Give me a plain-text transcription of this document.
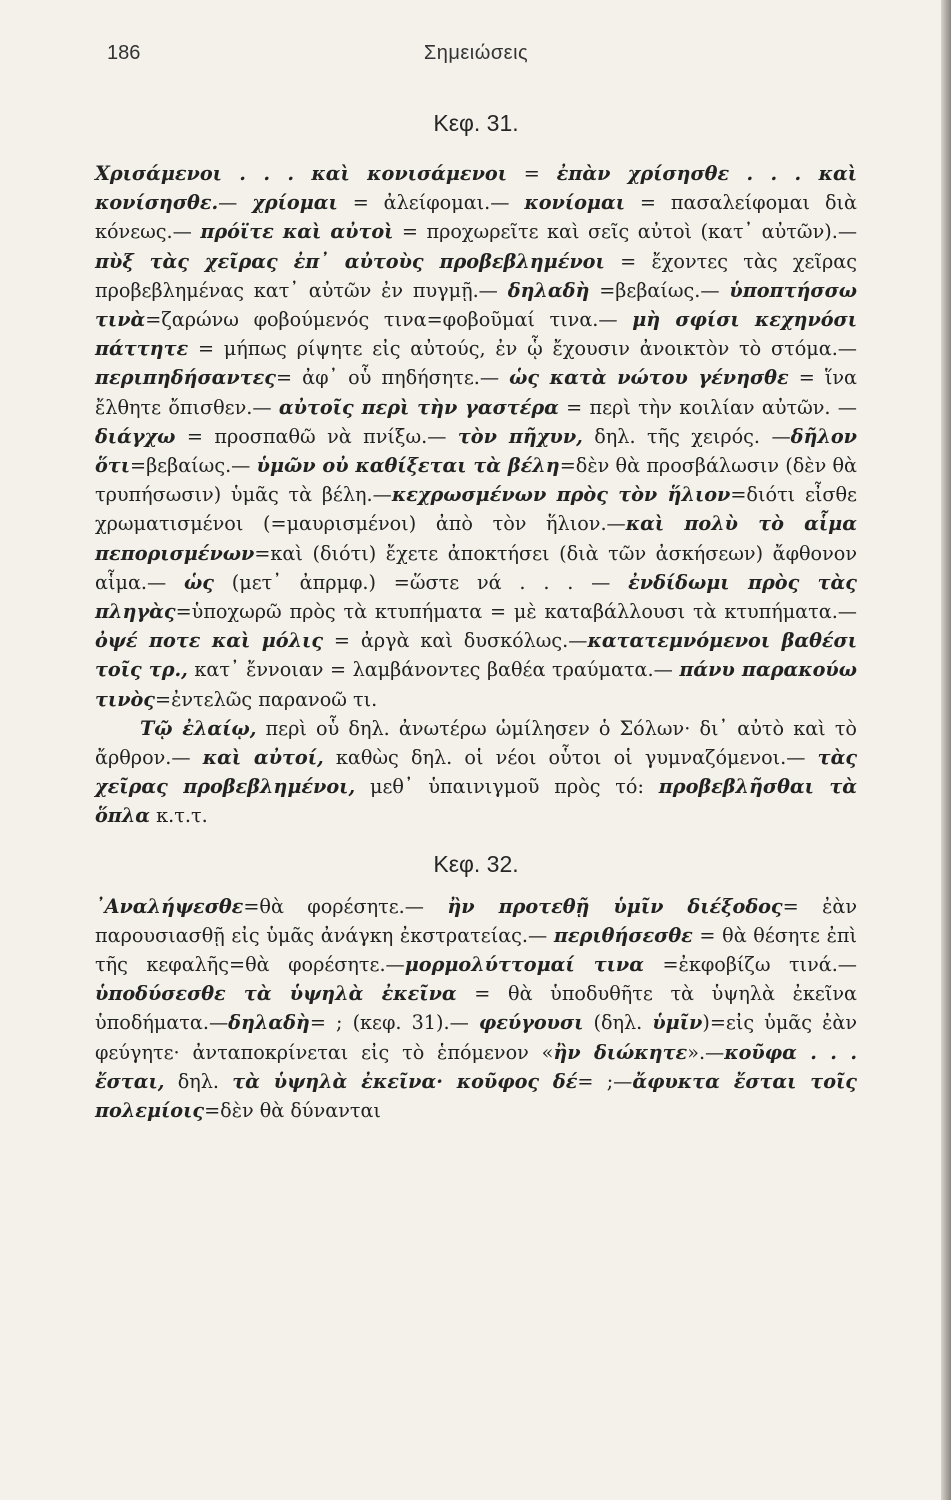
186	Σημειώσεις
Κεφ. 31.

Χρισάμενοι . . . καὶ κονισάμενοι = ἐπὰν χρίσησθε . . . καὶ κονίσησθε.— χρίομαι = ἀλείφομαι.— κονίομαι = πασαλείφομαι διὰ κόνεως.— πρόϊτε καὶ αὐτοὶ = προχωρεῖτε καὶ σεῖς αὐτοὶ (κατ᾽ αὐτῶν).— πὺξ τὰς χεῖρας ἐπ᾽ αὐτοὺς προβεβλημένοι = ἔχοντες τὰς χεῖρας προβεβλημένας κατ᾽ αὐτῶν ἐν πυγμῇ.— δηλαδὴ =βεβαίως.— ὑποπτήσσω τινὰ=ζαρώνω φοβούμενός τινα=φοβοῦμαί τινα.— μὴ σφίσι κεχηνόσι πάττητε = μήπως ρίψητε εἰς αὐτούς, ἐν ᾧ ἔχουσιν ἀνοικτὸν τὸ στόμα.— περιπηδήσαντες= ἀφ᾽ οὗ πηδήσητε.— ὡς κατὰ νώτου γένησθε = ἵνα ἔλθητε ὄπισθεν.— αὐτοῖς περὶ τὴν γαστέρα = περὶ τὴν κοιλίαν αὐτῶν. — διάγχω = προσπαθῶ νὰ πνίξω.— τὸν πῆχυν, δηλ. τῆς χειρός. —δῆλον ὅτι=βεβαίως.— ὑμῶν οὐ καθίξεται τὰ βέλη=δὲν θὰ προσβάλωσιν (δὲν θὰ τρυπήσωσιν) ὑμᾶς τὰ βέλη.—κεχρωσμένων πρὸς τὸν ἥλιον=διότι εἶσθε χρωματισμένοι (=μαυρισμένοι) ἀπὸ τὸν ἥλιον.—καὶ πολὺ τὸ αἷμα πεπορισμένων=καὶ (διότι) ἔχετε ἀποκτήσει (διὰ τῶν ἀσκήσεων) ἄφθονον αἷμα.— ὡς (μετ᾽ ἀπρμφ.) =ὥστε νά . . . — ἐνδίδωμι πρὸς τὰς πληγὰς=ὑποχωρῶ πρὸς τὰ κτυπήματα = μὲ καταβάλλουσι τὰ κτυπήματα.— ὀψέ ποτε καὶ μόλις = ἀργὰ καὶ δυσκόλως.—κατατεμνόμενοι βαθέσι τοῖς τρ., κατ᾽ ἔννοιαν = λαμβάνοντες βαθέα τραύματα.— πάνυ παρακούω τινὸς=ἐντελῶς παρανοῶ τι.

Τῷ ἐλαίῳ, περὶ οὗ δηλ. ἀνωτέρω ὡμίλησεν ὁ Σόλων· δι᾽ αὐτὸ καὶ τὸ ἄρθρον.— καὶ αὐτοί, καθὼς δηλ. οἱ νέοι οὗτοι οἱ γυμναζόμενοι.— τὰς χεῖρας προβεβλημένοι, μεθ᾽ ὑπαινιγμοῦ πρὸς τό: προβεβλῆσθαι τὰ ὅπλα κ.τ.τ.

Κεφ. 32.

᾽Αναλήψεσθε=θὰ φορέσητε.— ἢν προτεθῇ ὑμῖν διέξοδος= ἐὰν παρουσιασθῇ εἰς ὑμᾶς ἀνάγκη ἐκστρατείας.— περιθήσεσθε = θὰ θέσητε ἐπὶ τῆς κεφαλῆς=θὰ φορέσητε.—μορμολύττομαί τινα =ἐκφοβίζω τινά.— ὑποδύσεσθε τὰ ὑψηλὰ ἐκεῖνα = θὰ ὑποδυθῆτε τὰ ὑψηλὰ ἐκεῖνα ὑποδήματα.—δηλαδὴ= ; (κεφ. 31).— φεύγουσι (δηλ. ὑμῖν)=εἰς ὑμᾶς ἐὰν φεύγητε· ἀνταποκρίνεται εἰς τὸ ἑπόμενον «ἢν διώκητε».—κοῦφα . . . ἔσται, δηλ. τὰ ὑψηλὰ ἐκεῖνα· κοῦφος δέ= ;—ἄφυκτα ἔσται τοῖς πολεμίοις=δὲν θὰ δύνανται
